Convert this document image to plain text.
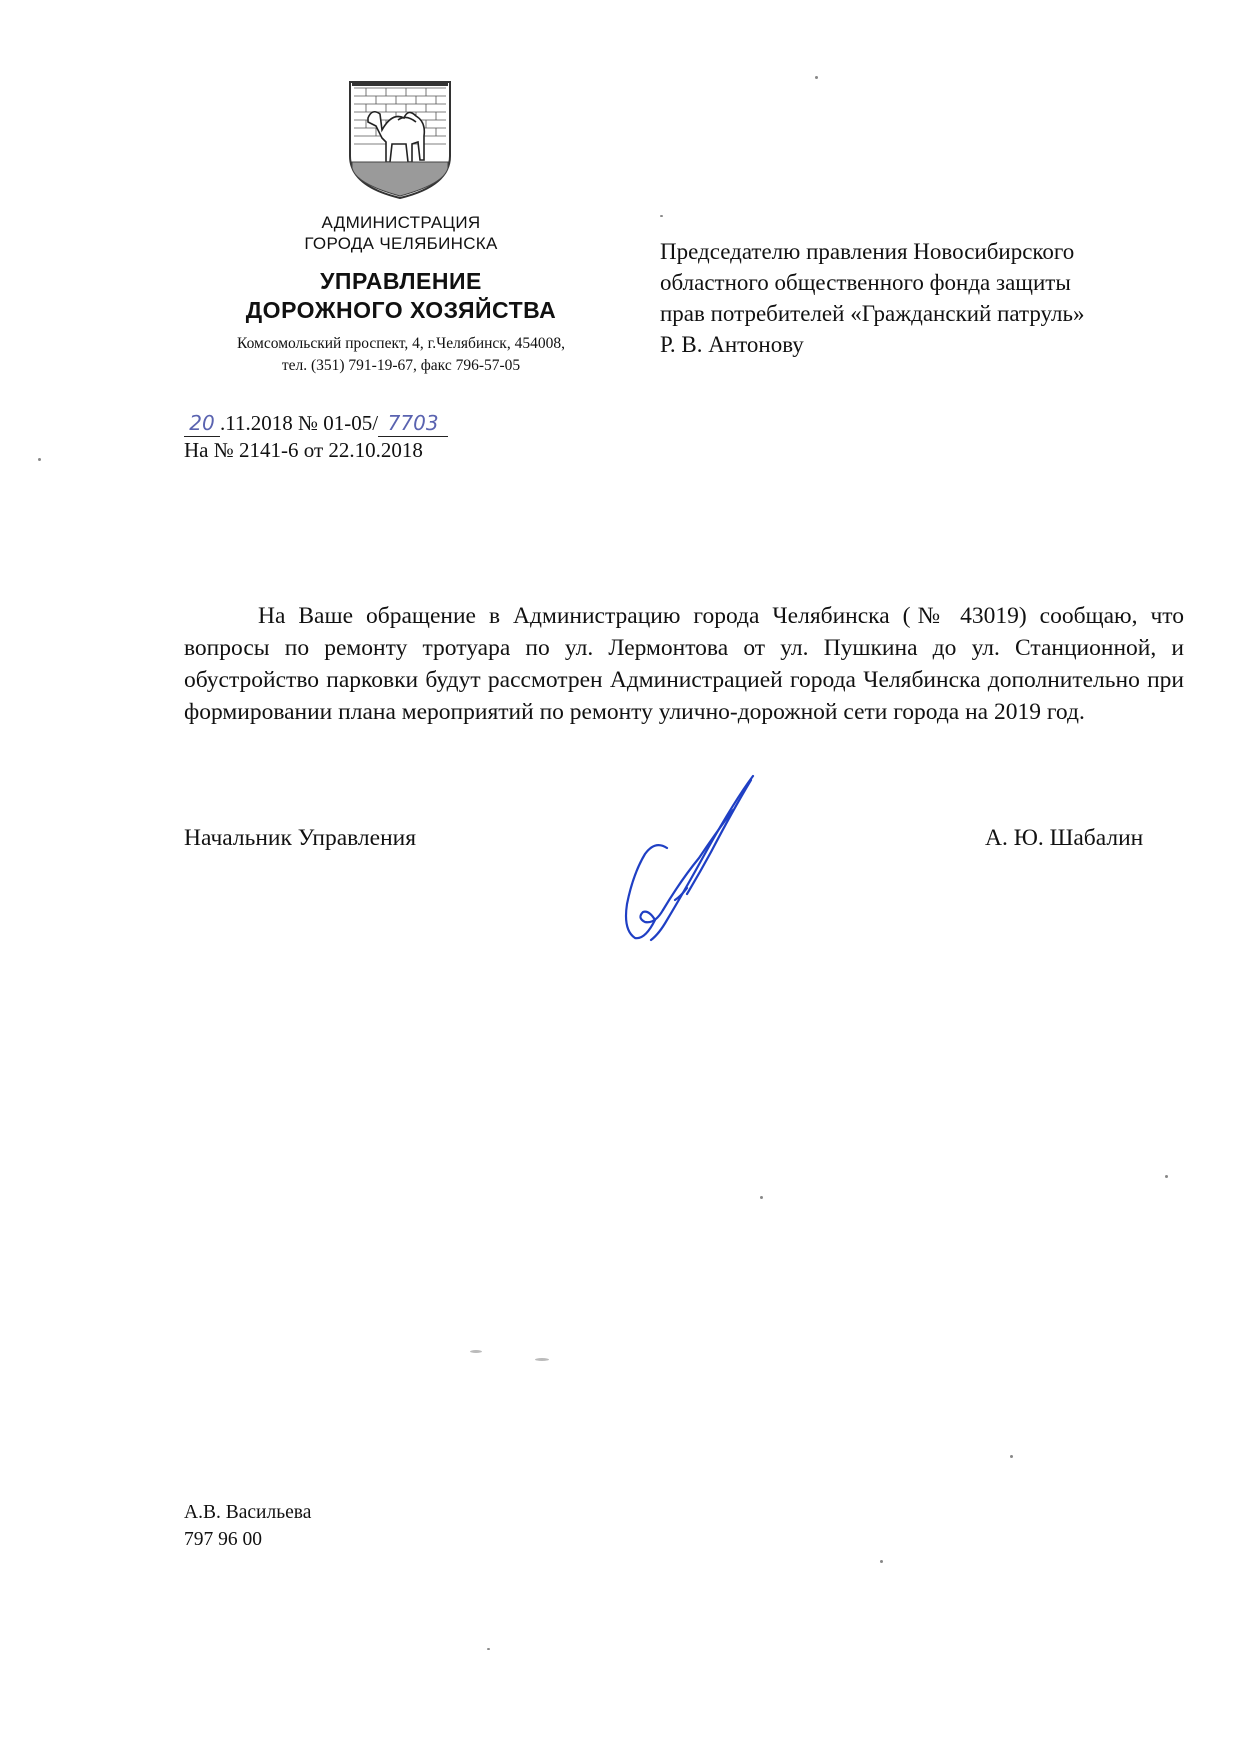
АДМИНИСТРАЦИЯ
ГОРОДА ЧЕЛЯБИНСКА
УПРАВЛЕНИЕ
ДОРОЖНОГО ХОЗЯЙСТВА
Комсомольский проспект, 4, г.Челябинск, 454008,
тел. (351) 791-19-67, факс 796-57-05
Председателю правления Новосибирского
областного общественного фонда защиты
прав потребителей «Гражданский патруль»
Р. В. Антонову
20 .11.2018 № 01-05/ 7703
На № 2141-6 от 22.10.2018
На Ваше обращение в Администрацию города Челябинска (№ 43019) сообщаю, что вопросы по ремонту тротуара по ул. Лермонтова от ул. Пушкина до ул. Станционной, и обустройство парковки будут рассмотрен Администрацией города Челябинска дополнительно при формировании плана мероприятий по ремонту улично-дорожной сети города на 2019 год.
Начальник Управления	А. Ю. Шабалин
А.В. Васильева
797 96 00
